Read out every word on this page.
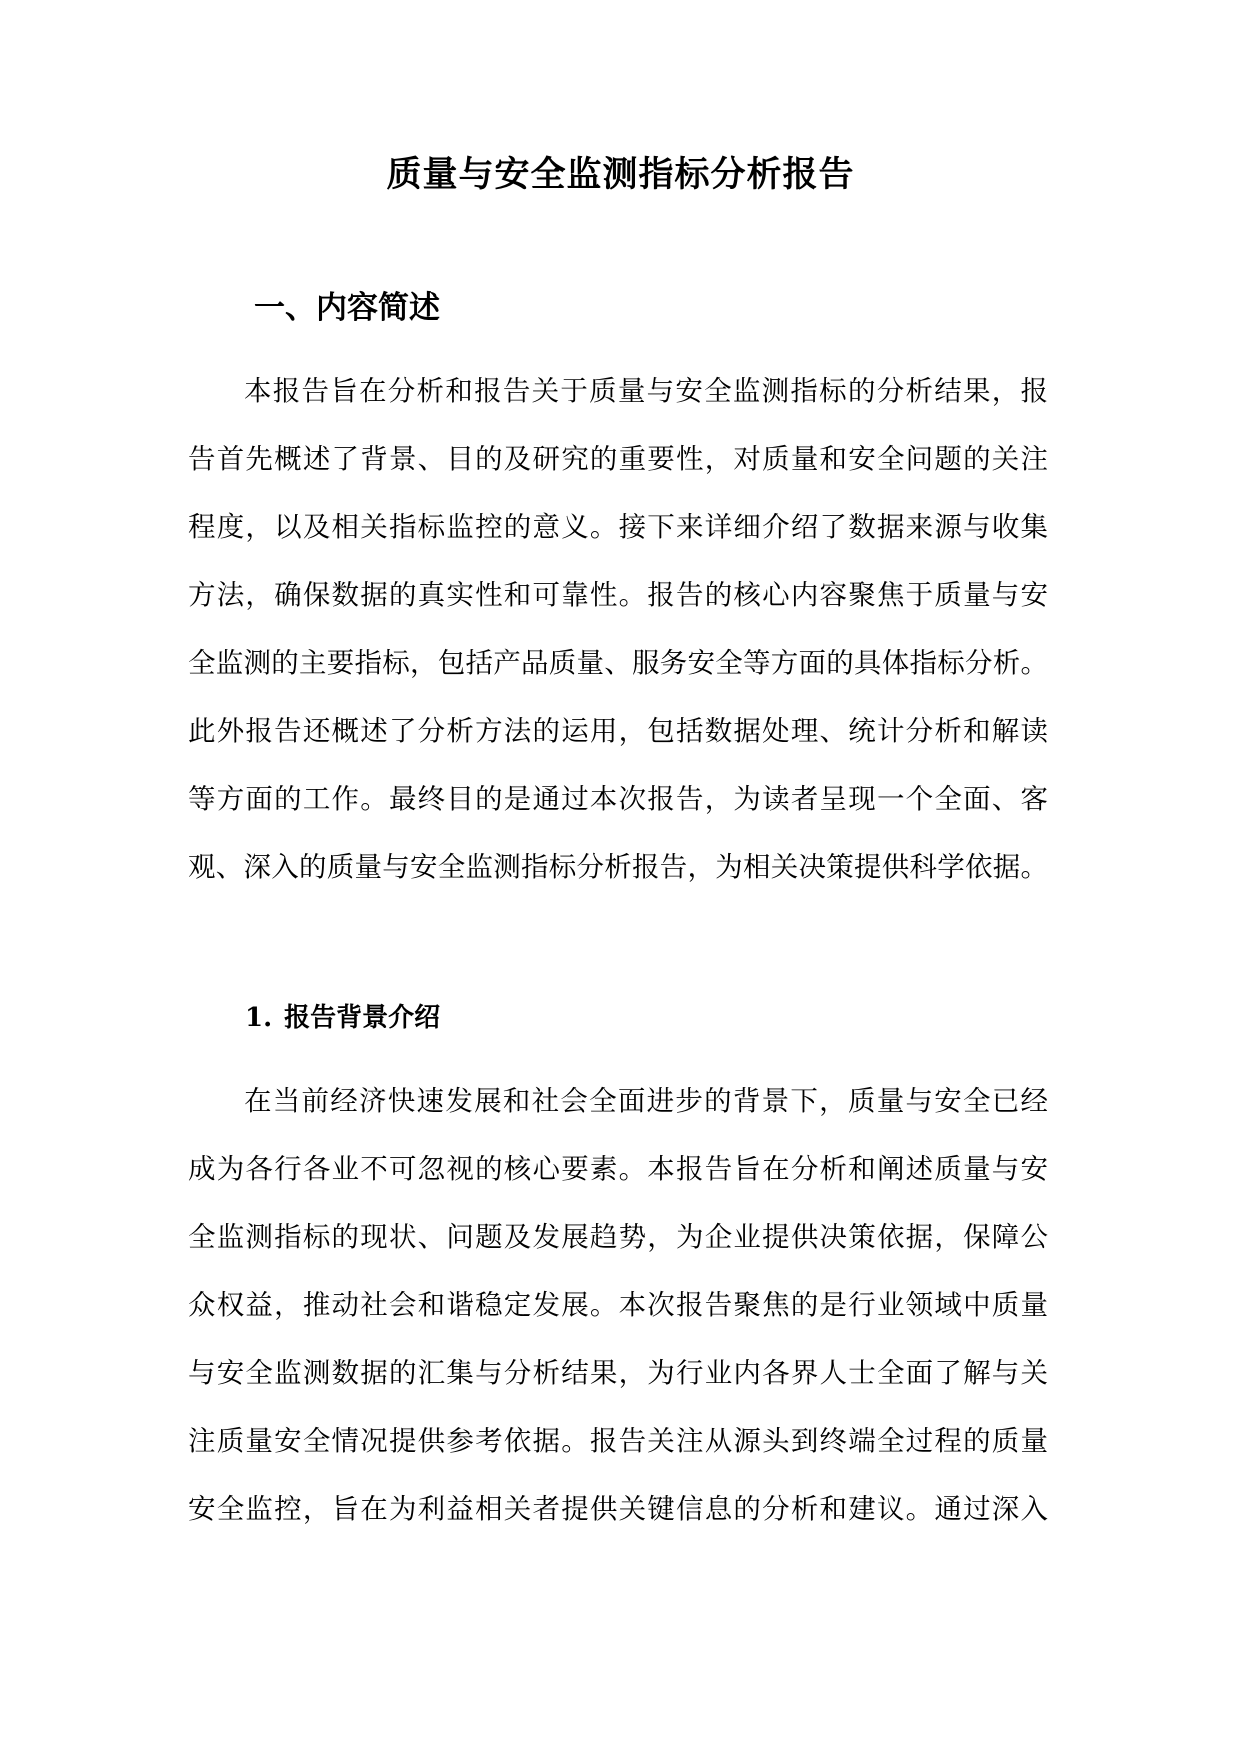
质量与安全监测指标分析报告
一、内容简述
本报告旨在分析和报告关于质量与安全监测指标的分析结果，报
告首先概述了背景、目的及研究的重要性，对质量和安全问题的关注
程度，以及相关指标监控的意义。接下来详细介绍了数据来源与收集
方法，确保数据的真实性和可靠性。报告的核心内容聚焦于质量与安
全监测的主要指标，包括产品质量、服务安全等方面的具体指标分析。
此外报告还概述了分析方法的运用，包括数据处理、统计分析和解读
等方面的工作。最终目的是通过本次报告，为读者呈现一个全面、客
观、深入的质量与安全监测指标分析报告，为相关决策提供科学依据。
1. 报告背景介绍
在当前经济快速发展和社会全面进步的背景下，质量与安全已经
成为各行各业不可忽视的核心要素。本报告旨在分析和阐述质量与安
全监测指标的现状、问题及发展趋势，为企业提供决策依据，保障公
众权益，推动社会和谐稳定发展。本次报告聚焦的是行业领域中质量
与安全监测数据的汇集与分析结果，为行业内各界人士全面了解与关
注质量安全情况提供参考依据。报告关注从源头到终端全过程的质量
安全监控，旨在为利益相关者提供关键信息的分析和建议。通过深入
